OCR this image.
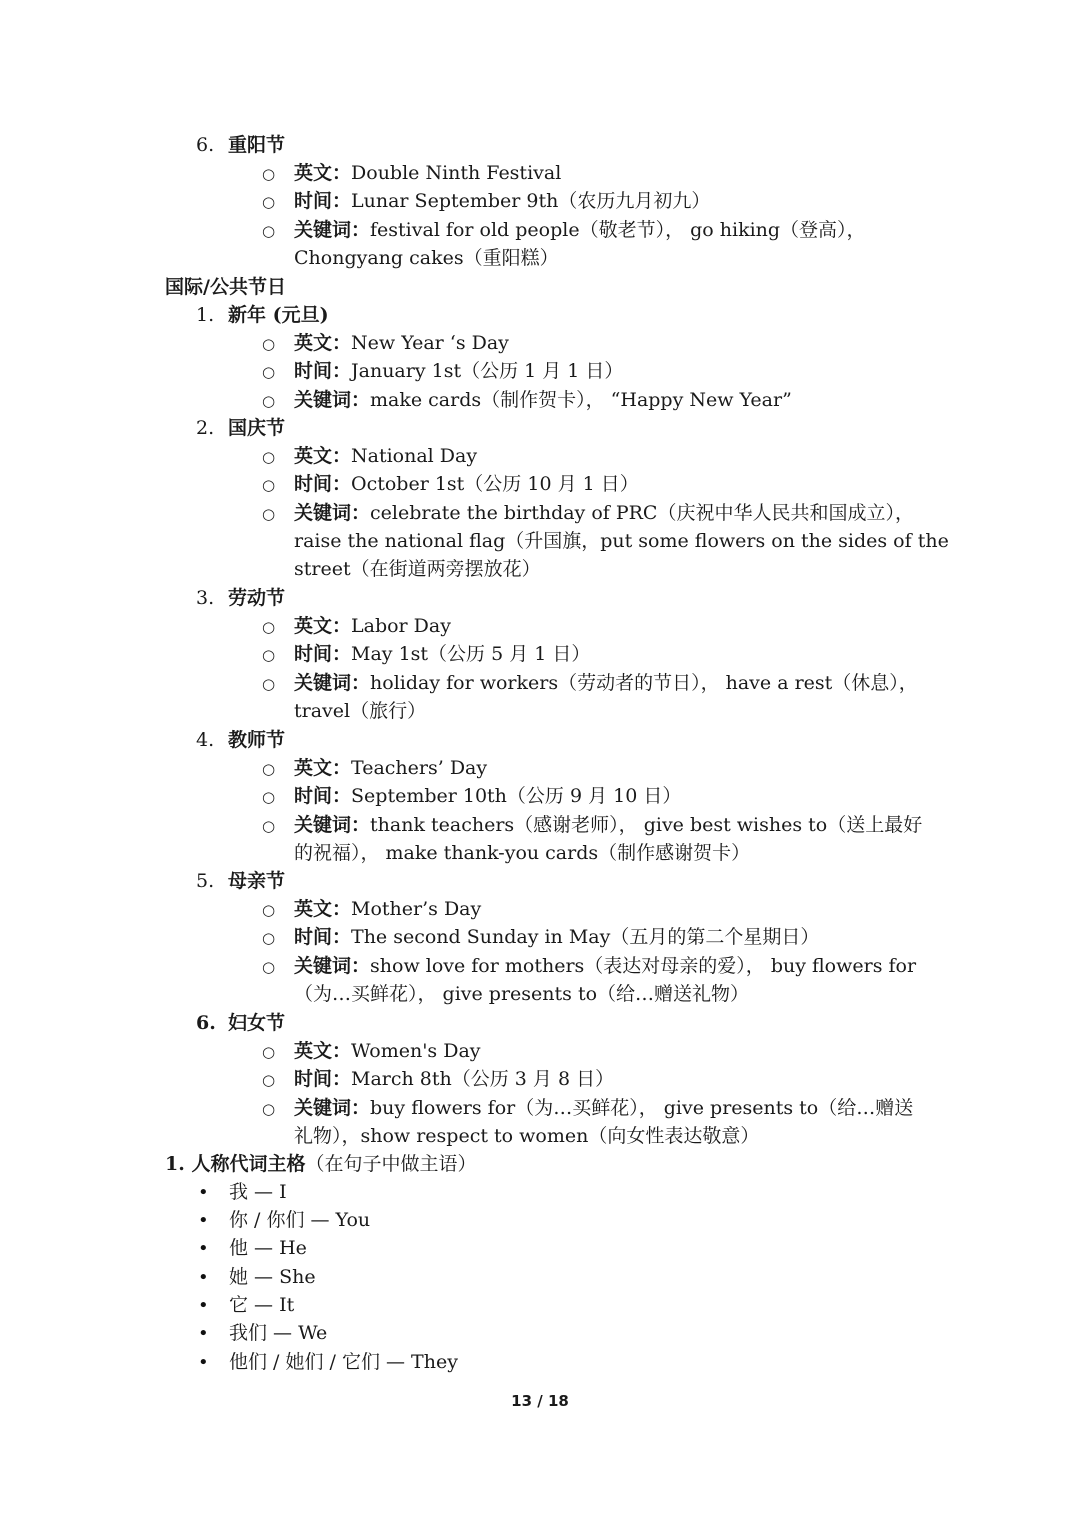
6. 重阳节
○ 英文：Double Ninth Festival
○ 时间：Lunar September 9th（农历九月初九）
○ 关键词：festival for old people（敬老节）， go hiking（登高），
Chongyang cakes（重阳糕）
国际/公共节日
1. 新年 (元旦)
○ 英文：New Year ‘s Day
○ 时间：January 1st（公历 1 月 1 日）
○ 关键词：make cards（制作贺卡）， “Happy New Year”
2. 国庆节
○ 英文：National Day
○ 时间：October 1st（公历 10 月 1 日）
○ 关键词：celebrate the birthday of PRC（庆祝中华人民共和国成立），
raise the national flag（升国旗，put some flowers on the sides of the
street（在街道两旁摆放花）
3. 劳动节
○ 英文：Labor Day
○ 时间：May 1st（公历 5 月 1 日）
○ 关键词：holiday for workers（劳动者的节日）， have a rest（休息），
travel（旅行）
4. 教师节
○ 英文：Teachers’ Day
○ 时间：September 10th（公历 9 月 10 日）
○ 关键词：thank teachers（感谢老师）， give best wishes to（送上最好
的祝福）， make thank-you cards（制作感谢贺卡）
5. 母亲节
○ 英文：Mother’s Day
○ 时间：The second Sunday in May（五月的第二个星期日）
○ 关键词：show love for mothers（表达对母亲的爱）， buy flowers for
（为…买鲜花）， give presents to（给…赠送礼物）
6. 妇女节
○ 英文：Women's Day
○ 时间：March 8th（公历 3 月 8 日）
○ 关键词：buy flowers for（为…买鲜花）， give presents to（给…赠送
礼物），show respect to women（向女性表达敬意）
1. 人称代词主格（在句子中做主语）
• 我 — I
• 你 / 你们 — You
• 他 — He
• 她 — She
• 它 — It
• 我们 — We
• 他们 / 她们 / 它们 — They
13 / 18
